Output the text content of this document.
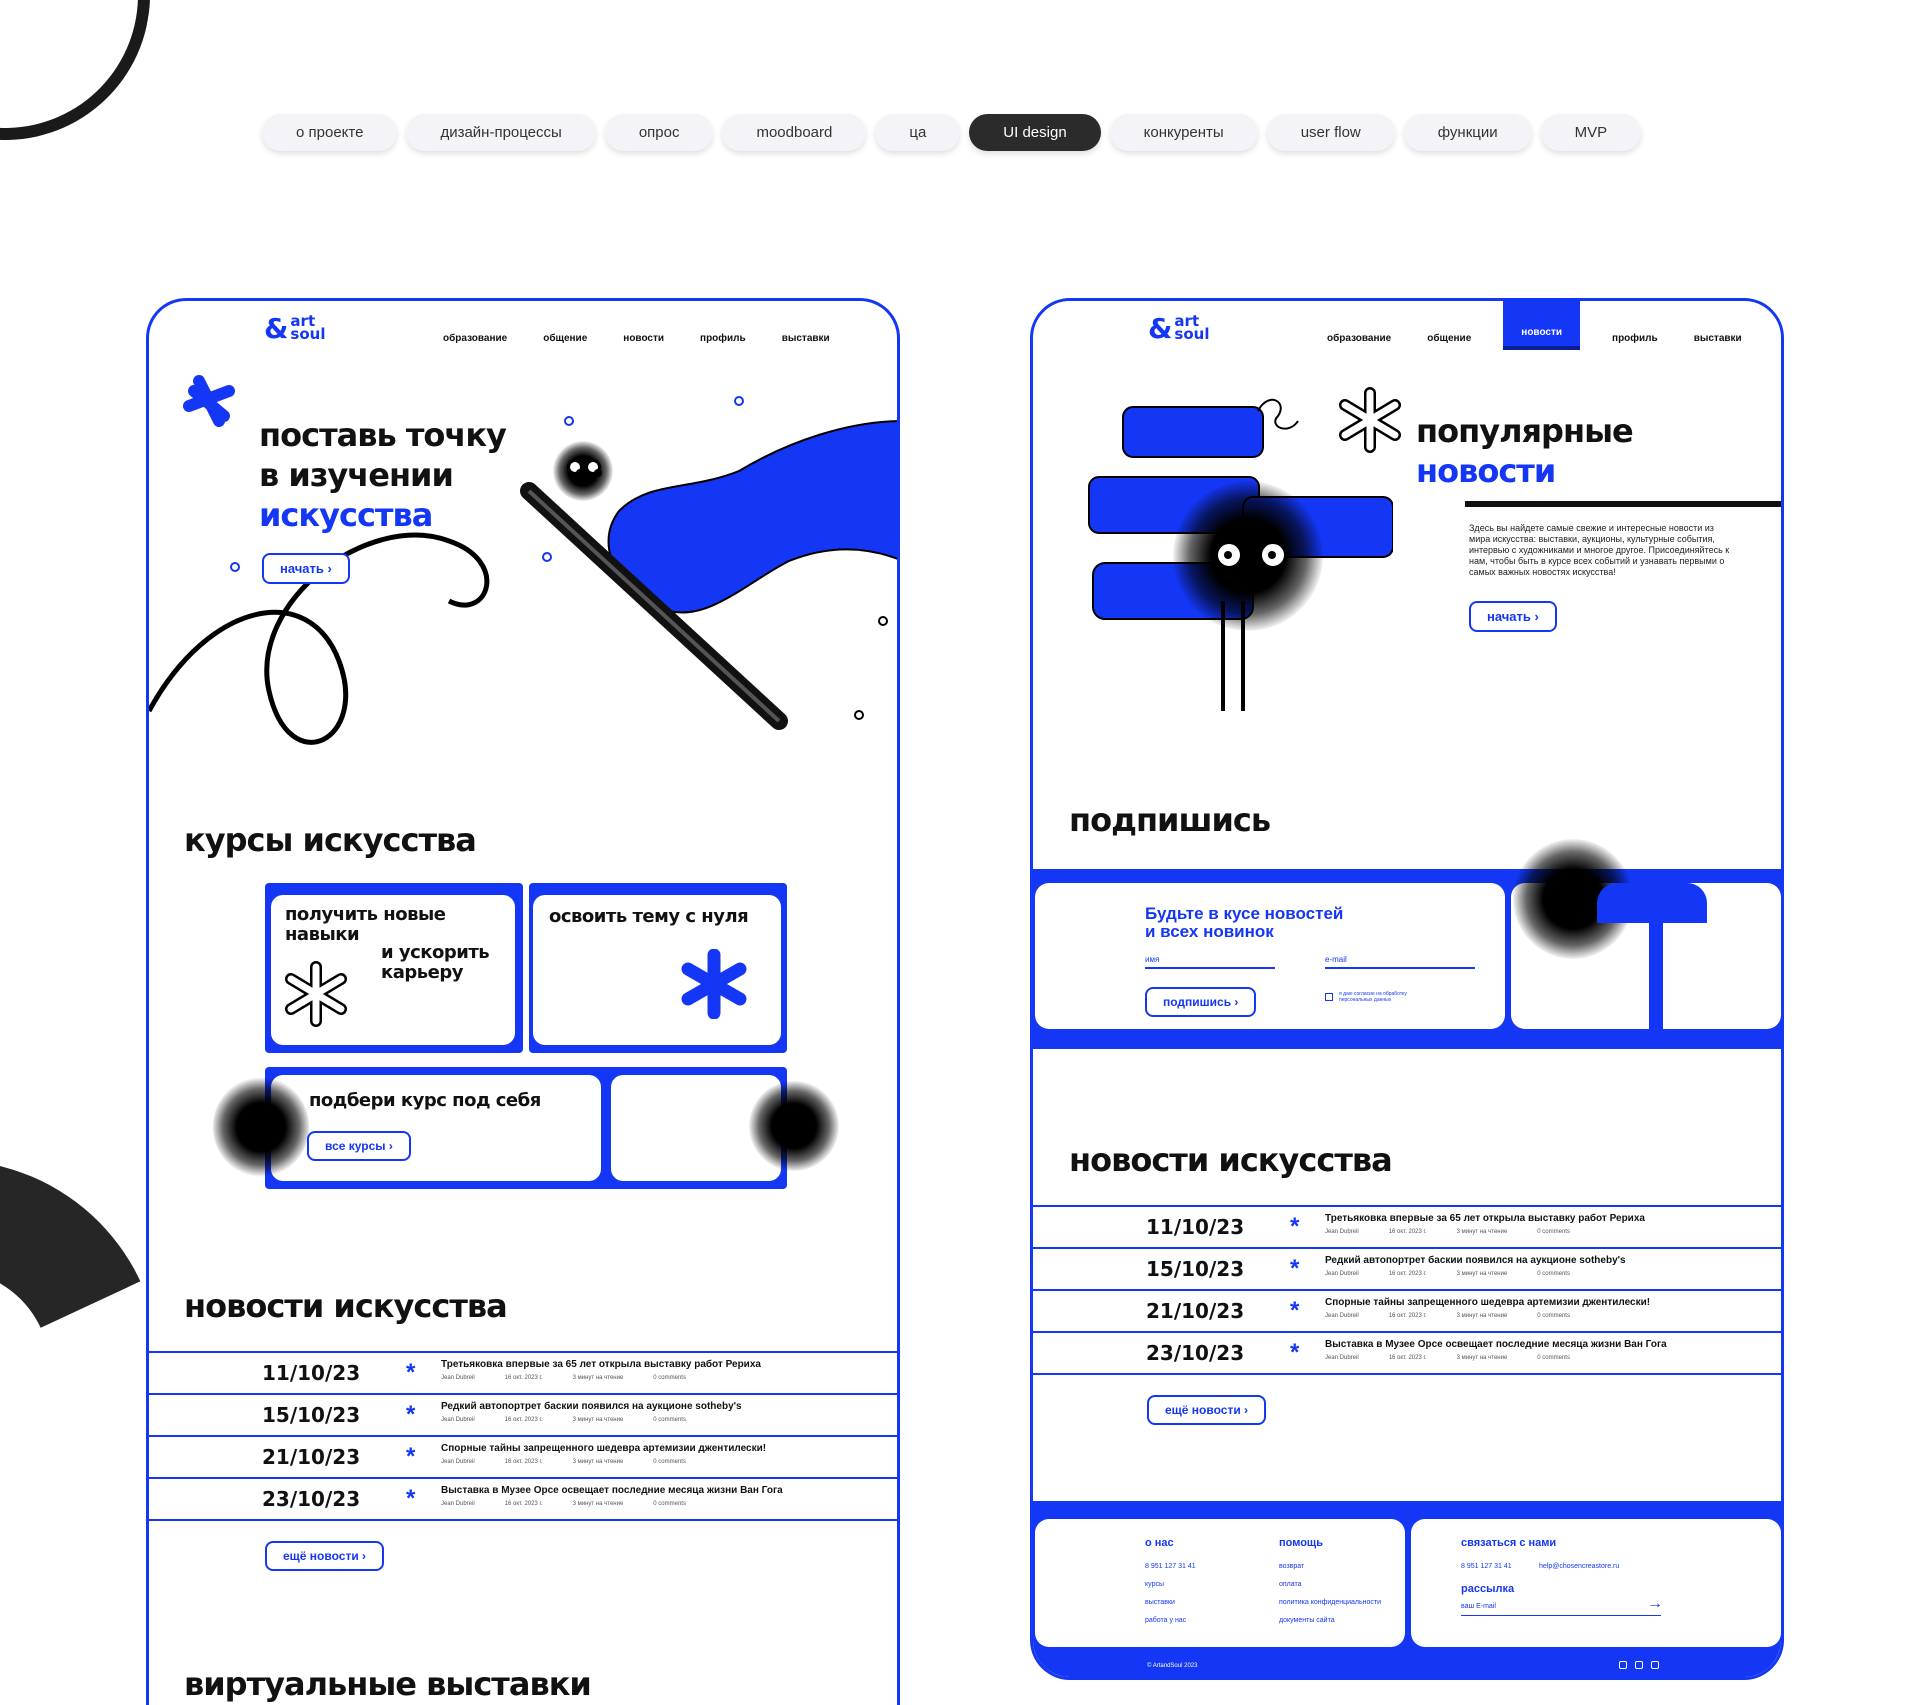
о проекте	дизайн-процессы	опрос	moodboard	ца	UI design	конкуренты	user flow	функции	MVP
& art
soul	образование	общение	новости	профиль	выставки
поставь точку
в изучении
искусства
начать ›
курсы искусства
получить новые навыки
и ускорить карьеру
освоить тему с нуля
подбери курс под себя
все курсы ›
новости искусства
11/10/23 *	Третьяковка впервые за 65 лет открыла выставку работ Рериха
Jean Dubreil	16 окт. 2023 г.	3 минут на чтение	0 comments
15/10/23 *	Редкий автопортрет баскии появился на аукционе sotheby's
Jean Dubreil	16 окт. 2023 г.	3 минут на чтение	0 comments
21/10/23 *	Спорные тайны запрещенного шедевра артемизии джентилески!
Jean Dubreil	16 окт. 2023 г.	3 минут на чтение	0 comments
23/10/23 *	Выставка в Музее Орсе освещает последние месяца жизни Ван Гога
Jean Dubreil	16 окт. 2023 г.	3 минут на чтение	0 comments
ещё новости ›
виртуальные выставки
& art
soul	образование	общение
новости
профиль	выставки
популярные
новости
Здесь вы найдете самые свежие и интересные новости из мира искусства: выставки, аукционы, культурные события, интервью с художниками и многое другое. Присоединяйтесь к нам, чтобы быть в курсе всех событий и узнавать первыми о самых важных новостях искусства!
начать ›
подпишись
Будьте в кусе новостей
и всех новинок
имя	e-mail
подпишись ›
я даю согласие на обработку персональных данных
новости искусства
11/10/23 *	Третьяковка впервые за 65 лет открыла выставку работ Рериха
Jean Dubreil	16 окт. 2023 г.	3 минут на чтение	0 comments
15/10/23 *	Редкий автопортрет баскии появился на аукционе sotheby's
Jean Dubreil	16 окт. 2023 г.	3 минут на чтение	0 comments
21/10/23 *	Спорные тайны запрещенного шедевра артемизии джентилески!
Jean Dubreil	16 окт. 2023 г.	3 минут на чтение	0 comments
23/10/23 *	Выставка в Музее Орсе освещает последние месяца жизни Ван Гога
Jean Dubreil	16 окт. 2023 г.	3 минут на чтение	0 comments
ещё новости ›
о нас
8 951 127 31 41
курсы
выставки
работа у нас
помощь
возврат
оплата
политика конфиденциальности
документы сайта
связаться с нами
8 951 127 31 41	help@chosencreastore.ru
рассылка
ваш E-mail	→
© ArtandSoul 2023
